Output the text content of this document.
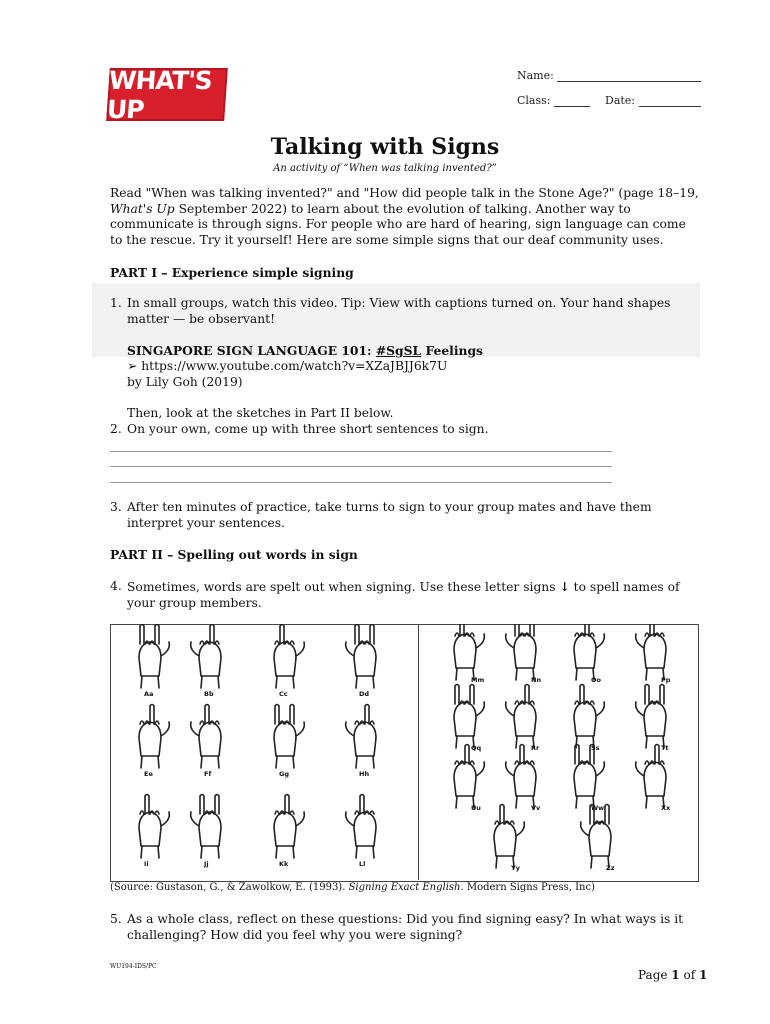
WHAT'S UP
Name:
Class:	Date:
Talking with Signs
An activity of “When was talking invented?”
Read "When was talking invented?" and "How did people talk in the Stone Age?" (page 18–19, What's Up September 2022) to learn about the evolution of talking. Another way to communicate is through signs. For people who are hard of hearing, sign language can come to the rescue. Try it yourself! Here are some simple signs that our deaf community uses.
PART I – Experience simple signing
1. In small groups, watch this video. Tip: View with captions turned on. Your hand shapes matter — be observant!
SINGAPORE SIGN LANGUAGE 101: #SgSL Feelings
➢ https://www.youtube.com/watch?v=XZaJBJJ6k7U
by Lily Goh (2019)
Then, look at the sketches in Part II below.
2. On your own, come up with three short sentences to sign.
3. After ten minutes of practice, take turns to sign to your group mates and have them interpret your sentences.
PART II – Spelling out words in sign
4. Sometimes, words are spelt out when signing. Use these letter signs ↓ to spell names of your group members.
Aa	Bb	Cc	Dd
Ee	Ff	Gg	Hh
Ii	Jj	Kk	Ll
Mm	Nn	Oo	Pp
Qq	Rr	Ss	Tt
Uu	Vv	Ww	Xx
Yy	Zz
(Source: Gustason, G., & Zawolkow, E. (1993). Signing Exact English. Modern Signs Press, Inc)
5. As a whole class, reflect on these questions: Did you find signing easy? In what ways is it challenging? How did you feel why you were signing?
WU194-IDS/PC
Page 1 of 1
